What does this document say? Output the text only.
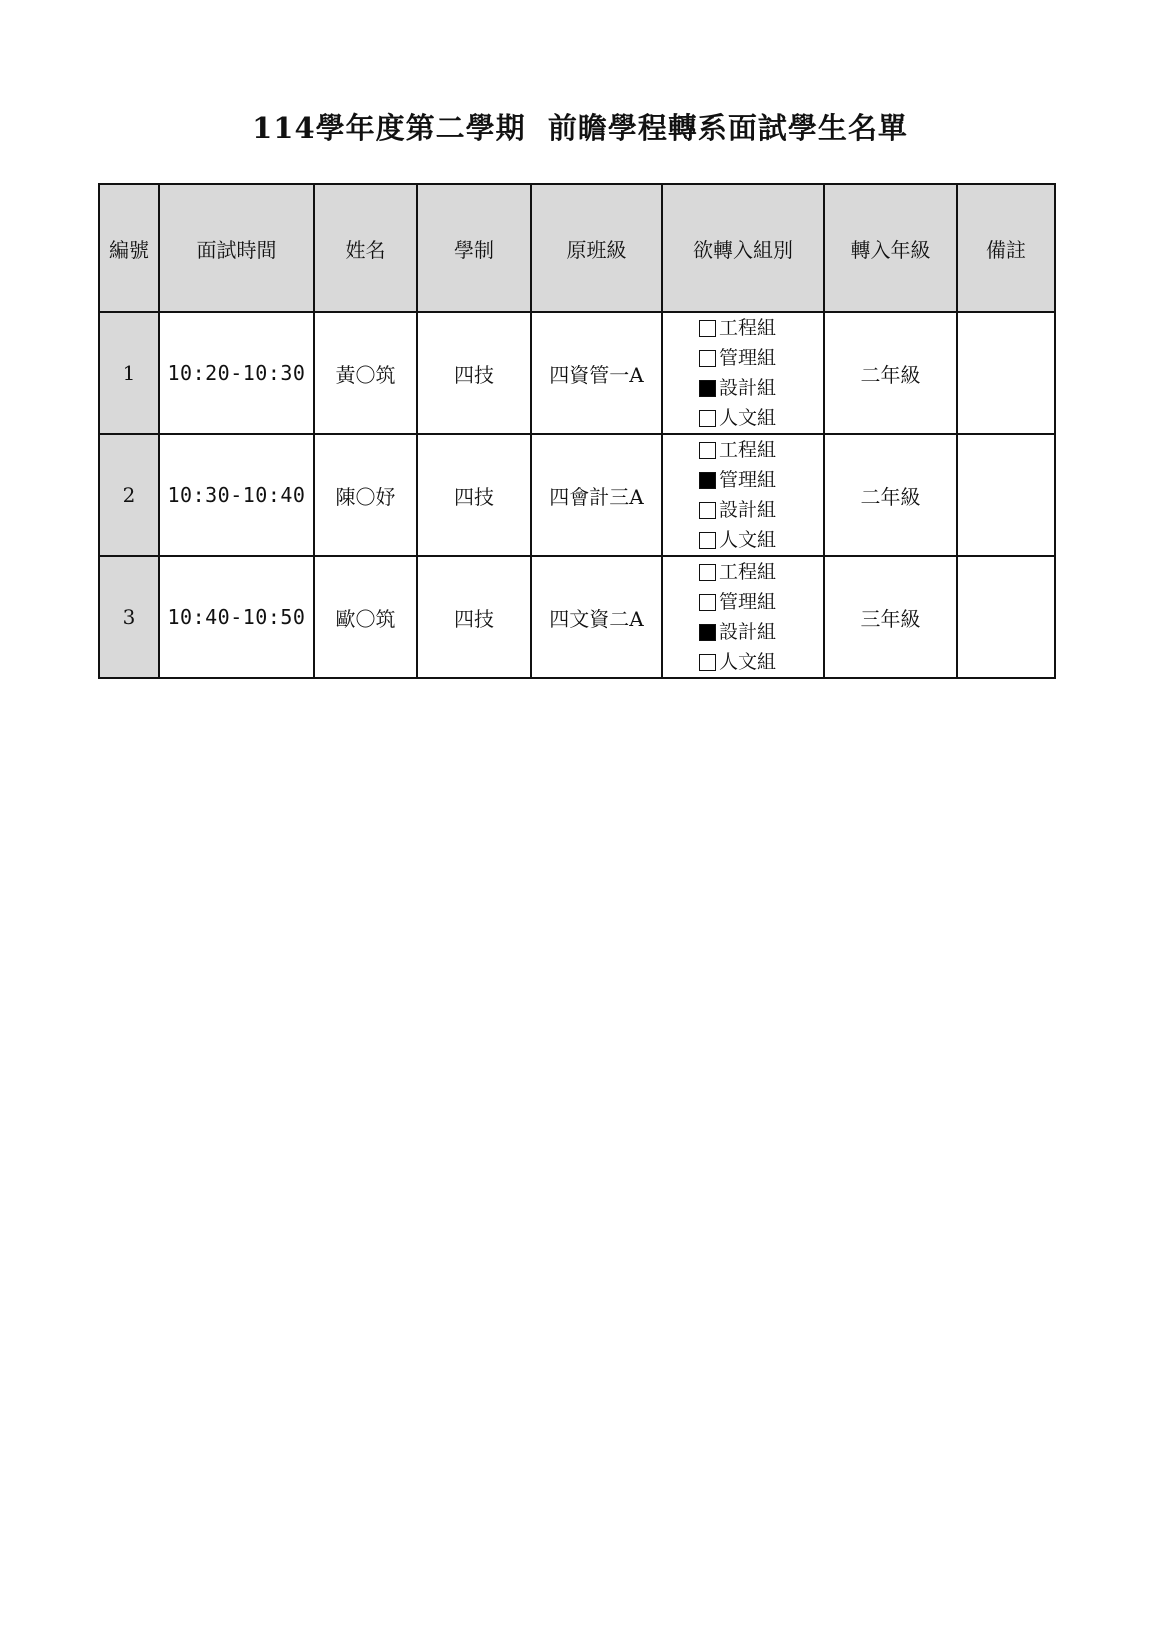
114學年度第二學期  前瞻學程轉系面試學生名單
編號	面試時間	姓名	學制	原班級	欲轉入組別	轉入年級	備註
1	10:20-10:30	黃〇筑	四技	四資管一A	工程組
管理組
設計組
人文組	二年級	
2	10:30-10:40	陳〇妤	四技	四會計三A	工程組
管理組
設計組
人文組	二年級	
3	10:40-10:50	歐〇筑	四技	四文資二A	工程組
管理組
設計組
人文組	三年級	
